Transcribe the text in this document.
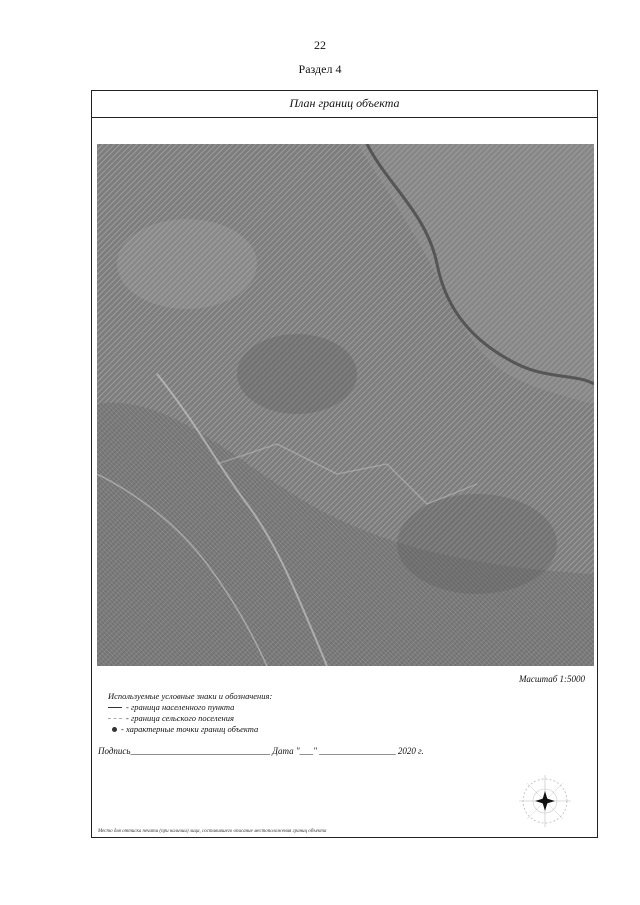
22
Раздел 4
План границ объекта
Масштаб 1:5000
Используемые условные знаки и обозначения:
- граница населенного пункта
- граница сельского поселения
- характерные точки границ объекта
Подпись_______________________________ Дата "___" _________________ 2020 г.
Место для оттиска печати (при наличии) лица, составившего описание местоположения границ объекта
